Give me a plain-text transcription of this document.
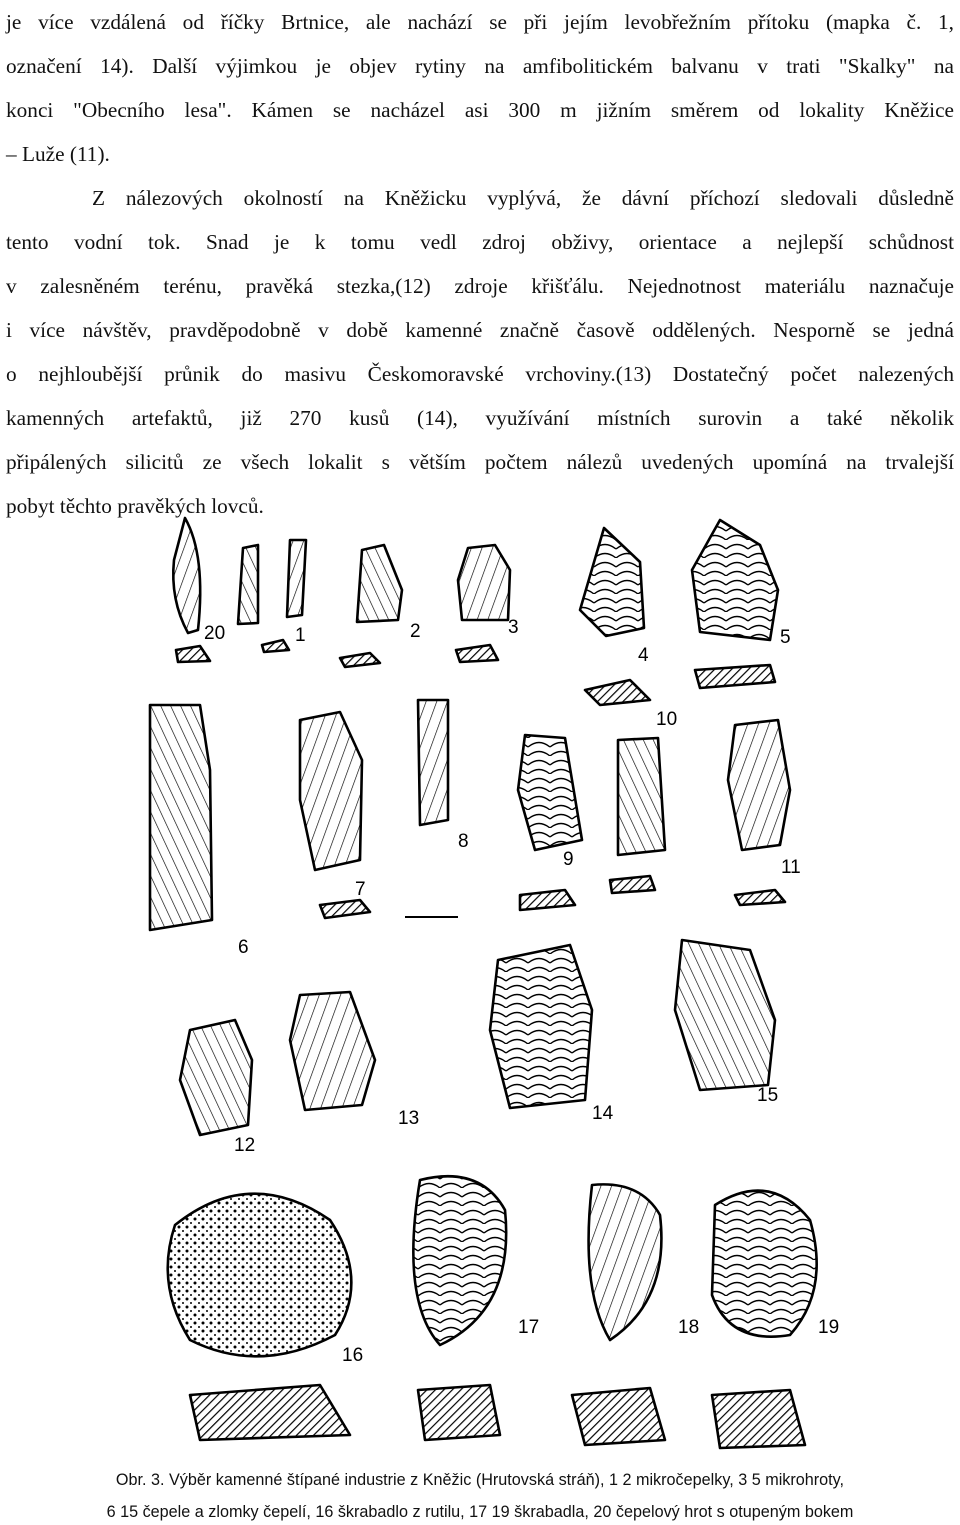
je více vzdálená od říčky Brtnice, ale nachází se při jejím levobřežním přítoku (mapka č. 1,
označení 14). Další výjimkou je objev rytiny na amfibolitickém balvanu v trati "Skalky" na
konci "Obecního lesa". Kámen se nacházel asi 300 m jižním směrem od lokality Kněžice
– Luže (11).
Z nálezových okolností na Kněžicku vyplývá, že dávní příchozí sledovali důsledně
tento vodní tok. Snad je k tomu vedl zdroj obživy, orientace a nejlepší schůdnost
v zalesněném terénu, pravěká stezka,(12) zdroje křišťálu. Nejednotnost materiálu naznačuje
i více návštěv, pravděpodobně v době kamenné značně časově oddělených. Nesporně se jedná
o nejhloubější průnik do masivu Českomoravské vrchoviny.(13) Dostatečný počet nalezených
kamenných artefaktů, již 270 kusů (14), využívání místních surovin a také několik
připálených silicitů ze všech lokalit s větším počtem nálezů uvedených upomíná na trvalejší
pobyt těchto pravěkých lovců.
20	1	2	3
4
5
10
6
7
8
9	11
12
13	14
15
16
17	18	19
Obr. 3. Výběr kamenné štípané industrie z Kněžic (Hrutovská stráň), 1 2 mikročepelky, 3 5 mikrohroty,
6 15 čepele a zlomky čepelí, 16 škrabadlo z rutilu, 17 19 škrabadla, 20 čepelový hrot s otupeným bokem
